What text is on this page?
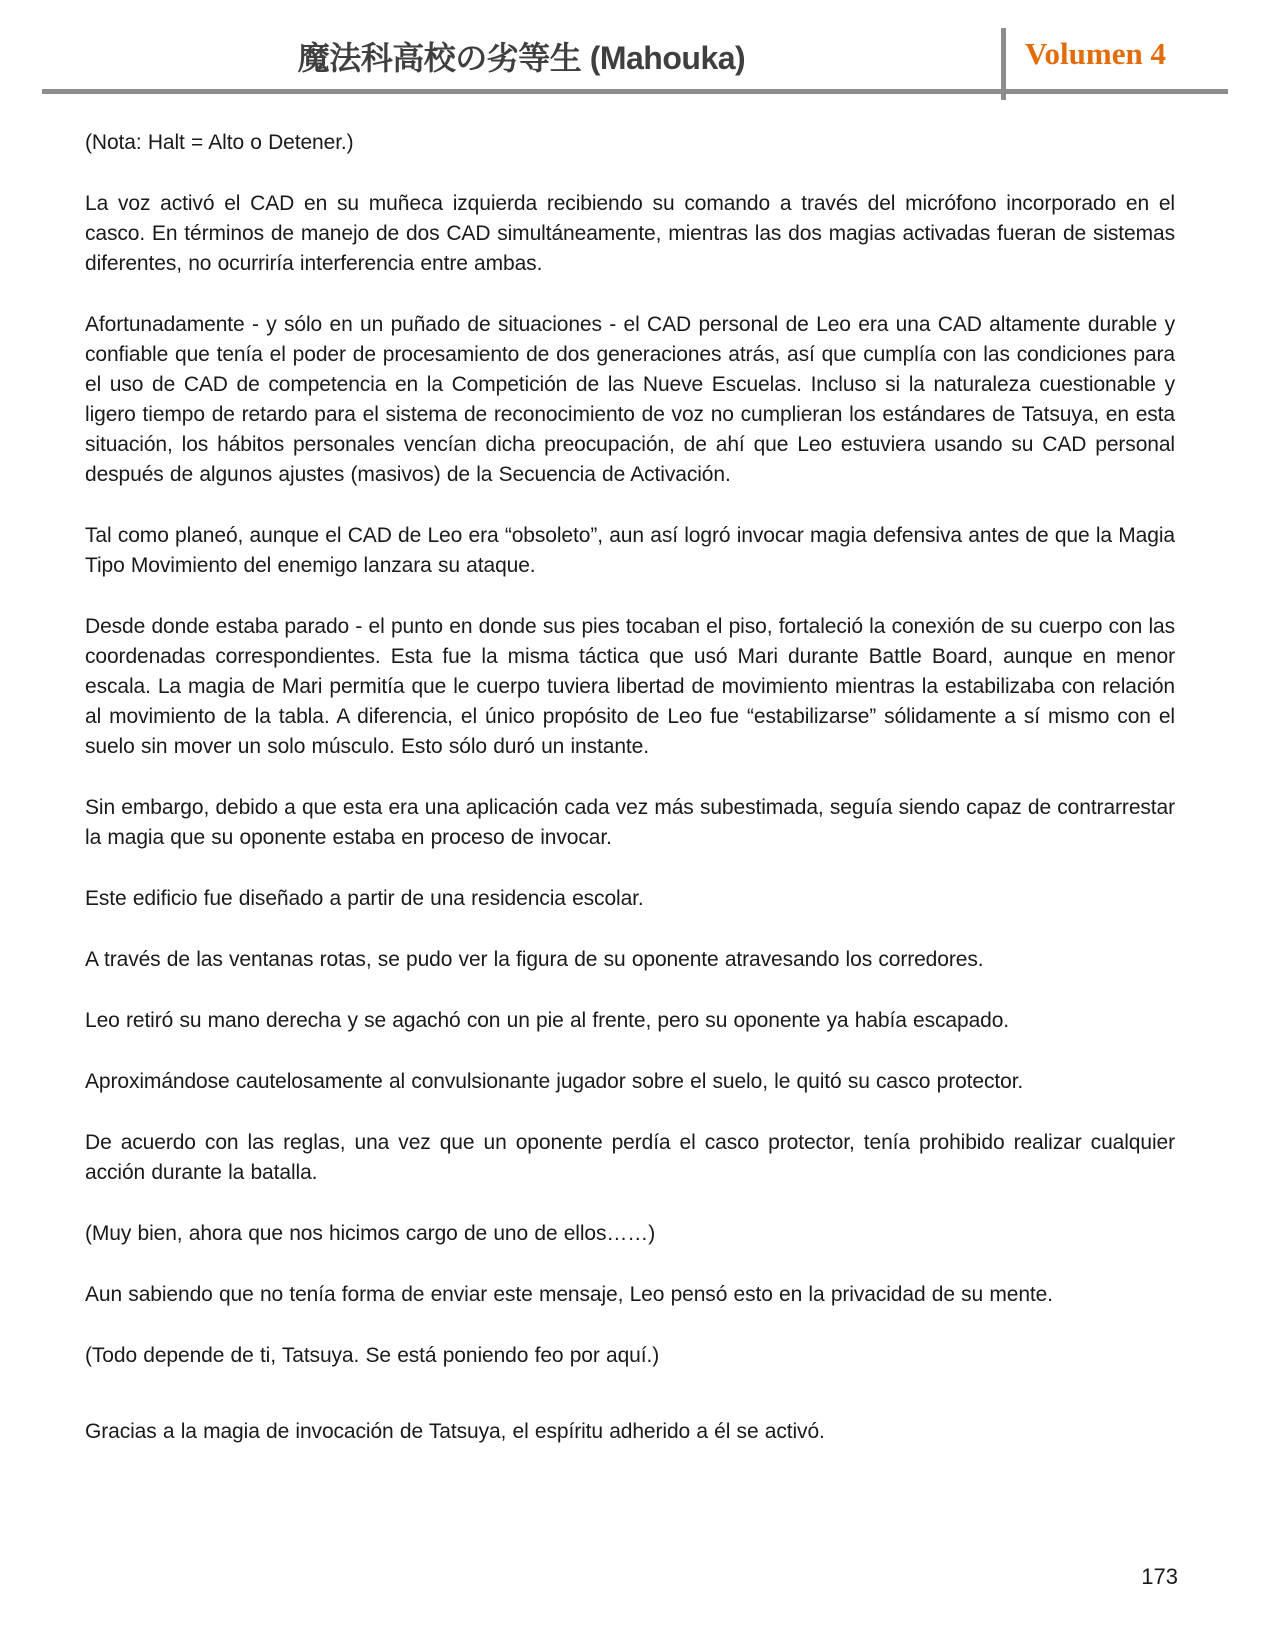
魔法科高校の劣等生 (Mahouka)	Volumen 4

(Nota: Halt = Alto o Detener.)

La voz activó el CAD en su muñeca izquierda recibiendo su comando a través del micrófono incorporado en el casco. En términos de manejo de dos CAD simultáneamente, mientras las dos magias activadas fueran de sistemas diferentes, no ocurriría interferencia entre ambas.

Afortunadamente - y sólo en un puñado de situaciones - el CAD personal de Leo era una CAD altamente durable y confiable que tenía el poder de procesamiento de dos generaciones atrás, así que cumplía con las condiciones para el uso de CAD de competencia en la Competición de las Nueve Escuelas. Incluso si la naturaleza cuestionable y ligero tiempo de retardo para el sistema de reconocimiento de voz no cumplieran los estándares de Tatsuya, en esta situación, los hábitos personales vencían dicha preocupación, de ahí que Leo estuviera usando su CAD personal después de algunos ajustes (masivos) de la Secuencia de Activación.

Tal como planeó, aunque el CAD de Leo era “obsoleto”, aun así logró invocar magia defensiva antes de que la Magia Tipo Movimiento del enemigo lanzara su ataque.

Desde donde estaba parado - el punto en donde sus pies tocaban el piso, fortaleció la conexión de su cuerpo con las coordenadas correspondientes. Esta fue la misma táctica que usó Mari durante Battle Board, aunque en menor escala. La magia de Mari permitía que le cuerpo tuviera libertad de movimiento mientras la estabilizaba con relación al movimiento de la tabla. A diferencia, el único propósito de Leo fue “estabilizarse” sólidamente a sí mismo con el suelo sin mover un solo músculo. Esto sólo duró un instante.

Sin embargo, debido a que esta era una aplicación cada vez más subestimada, seguía siendo capaz de contrarrestar la magia que su oponente estaba en proceso de invocar.

Este edificio fue diseñado a partir de una residencia escolar.

A través de las ventanas rotas, se pudo ver la figura de su oponente atravesando los corredores.

Leo retiró su mano derecha y se agachó con un pie al frente, pero su oponente ya había escapado.

Aproximándose cautelosamente al convulsionante jugador sobre el suelo, le quitó su casco protector.

De acuerdo con las reglas, una vez que un oponente perdía el casco protector, tenía prohibido realizar cualquier acción durante la batalla.

(Muy bien, ahora que nos hicimos cargo de uno de ellos……)

Aun sabiendo que no tenía forma de enviar este mensaje, Leo pensó esto en la privacidad de su mente.

(Todo depende de ti, Tatsuya. Se está poniendo feo por aquí.)

Gracias a la magia de invocación de Tatsuya, el espíritu adherido a él se activó.

173
